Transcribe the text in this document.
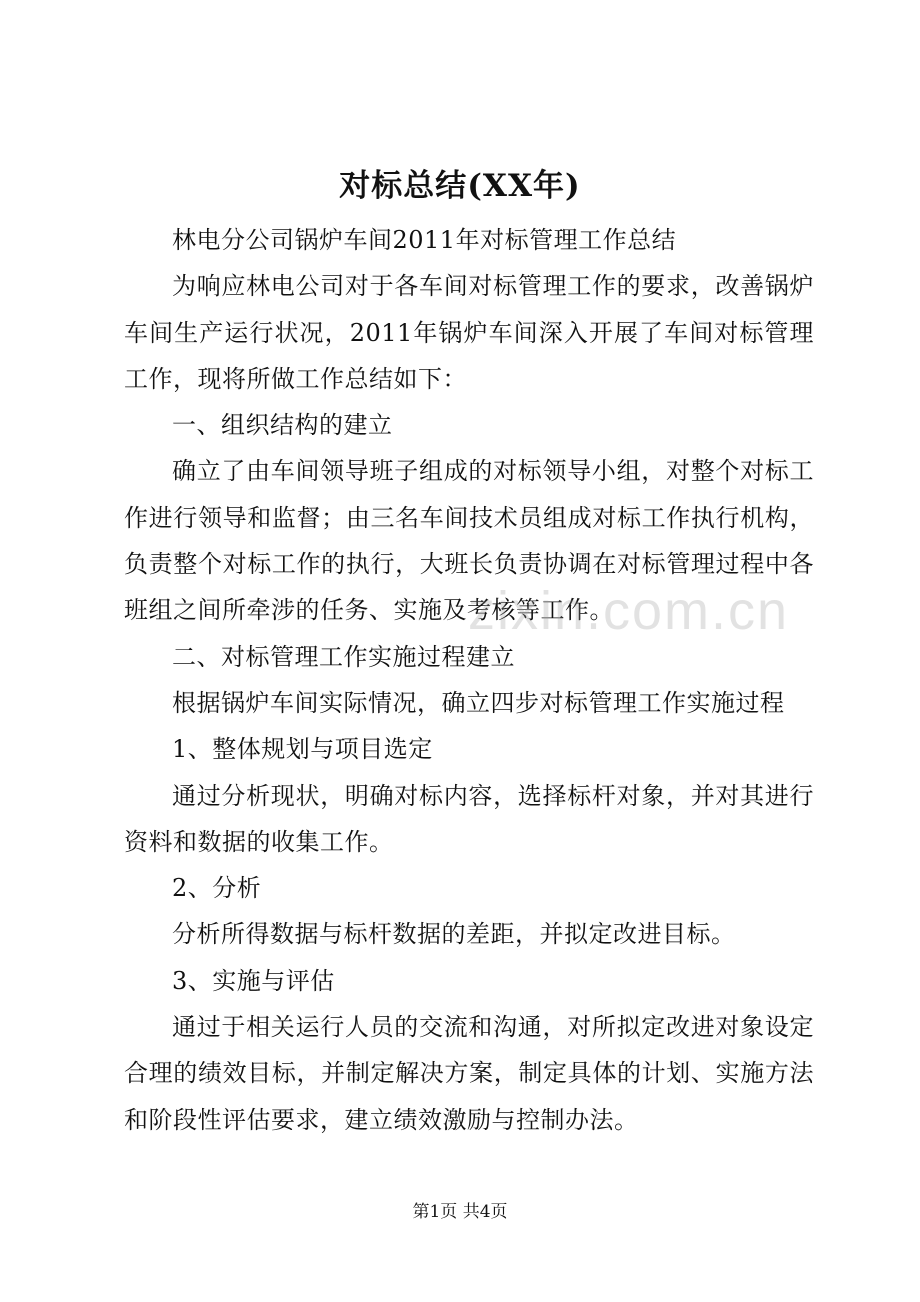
对标总结(XX年)

林电分公司锅炉车间2011年对标管理工作总结

为响应林电公司对于各车间对标管理工作的要求，改善锅炉车间生产运行状况，2011年锅炉车间深入开展了车间对标管理工作，现将所做工作总结如下：

一、组织结构的建立

确立了由车间领导班子组成的对标领导小组，对整个对标工作进行领导和监督；由三名车间技术员组成对标工作执行机构，负责整个对标工作的执行，大班长负责协调在对标管理过程中各班组之间所牵涉的任务、实施及考核等工作。

二、对标管理工作实施过程建立

根据锅炉车间实际情况，确立四步对标管理工作实施过程

1、整体规划与项目选定

通过分析现状，明确对标内容，选择标杆对象，并对其进行资料和数据的收集工作。

2、分析

分析所得数据与标杆数据的差距，并拟定改进目标。

3、实施与评估

通过于相关运行人员的交流和沟通，对所拟定改进对象设定合理的绩效目标，并制定解决方案，制定具体的计划、实施方法和阶段性评估要求，建立绩效激励与控制办法。

zixin.com.cn
第1页 共4页
